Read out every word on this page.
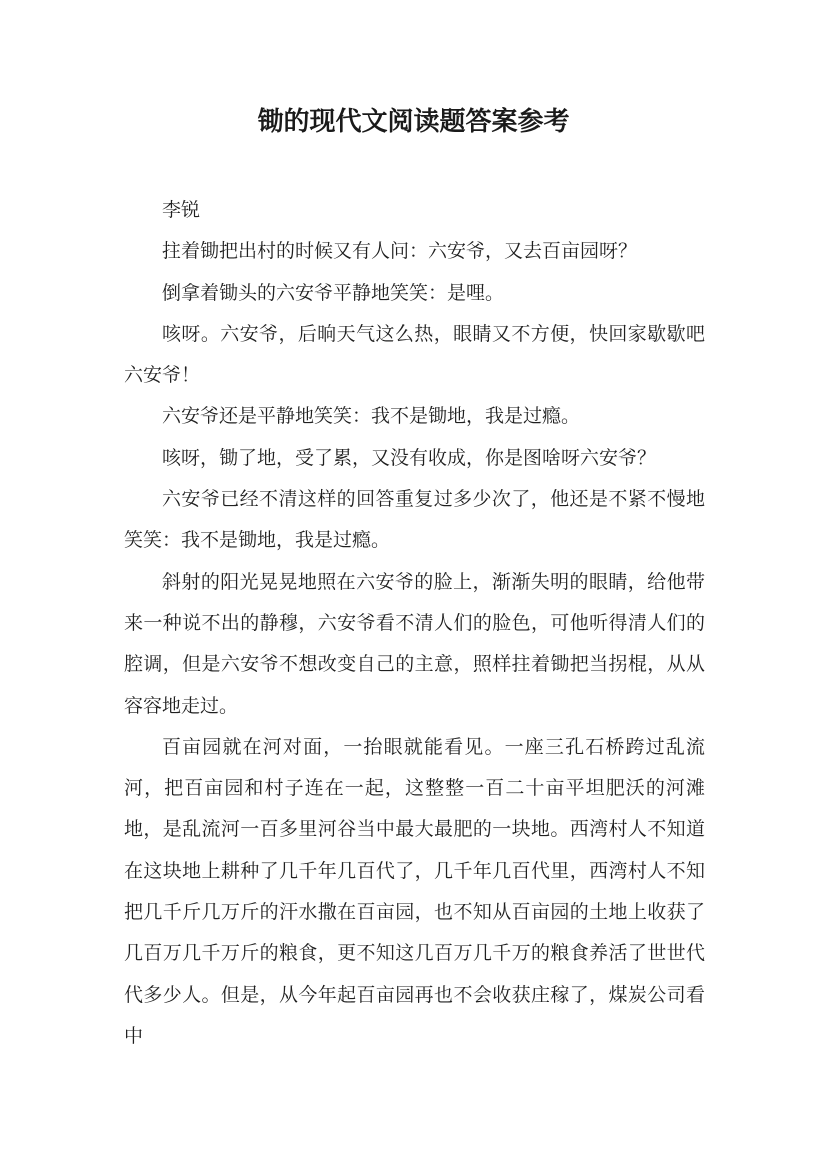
锄的现代文阅读题答案参考

李锐

拄着锄把出村的时候又有人问：六安爷，又去百亩园呀？

倒拿着锄头的六安爷平静地笑笑：是哩。

咳呀。六安爷，后晌天气这么热，眼睛又不方便，快回家歇歇吧六安爷！

六安爷还是平静地笑笑：我不是锄地，我是过瘾。

咳呀，锄了地，受了累，又没有收成，你是图啥呀六安爷？

六安爷已经不清这样的回答重复过多少次了，他还是不紧不慢地笑笑：我不是锄地，我是过瘾。

斜射的阳光晃晃地照在六安爷的脸上，渐渐失明的眼睛，给他带来一种说不出的静穆，六安爷看不清人们的脸色，可他听得清人们的腔调，但是六安爷不想改变自己的主意，照样拄着锄把当拐棍，从从容容地走过。

百亩园就在河对面，一抬眼就能看见。一座三孔石桥跨过乱流河，把百亩园和村子连在一起，这整整一百二十亩平坦肥沃的河滩地，是乱流河一百多里河谷当中最大最肥的一块地。西湾村人不知道在这块地上耕种了几千年几百代了，几千年几百代里，西湾村人不知把几千斤几万斤的汗水撒在百亩园，也不知从百亩园的土地上收获了几百万几千万斤的粮食，更不知这几百万几千万的粮食养活了世世代代多少人。但是，从今年起百亩园再也不会收获庄稼了，煤炭公司看中
